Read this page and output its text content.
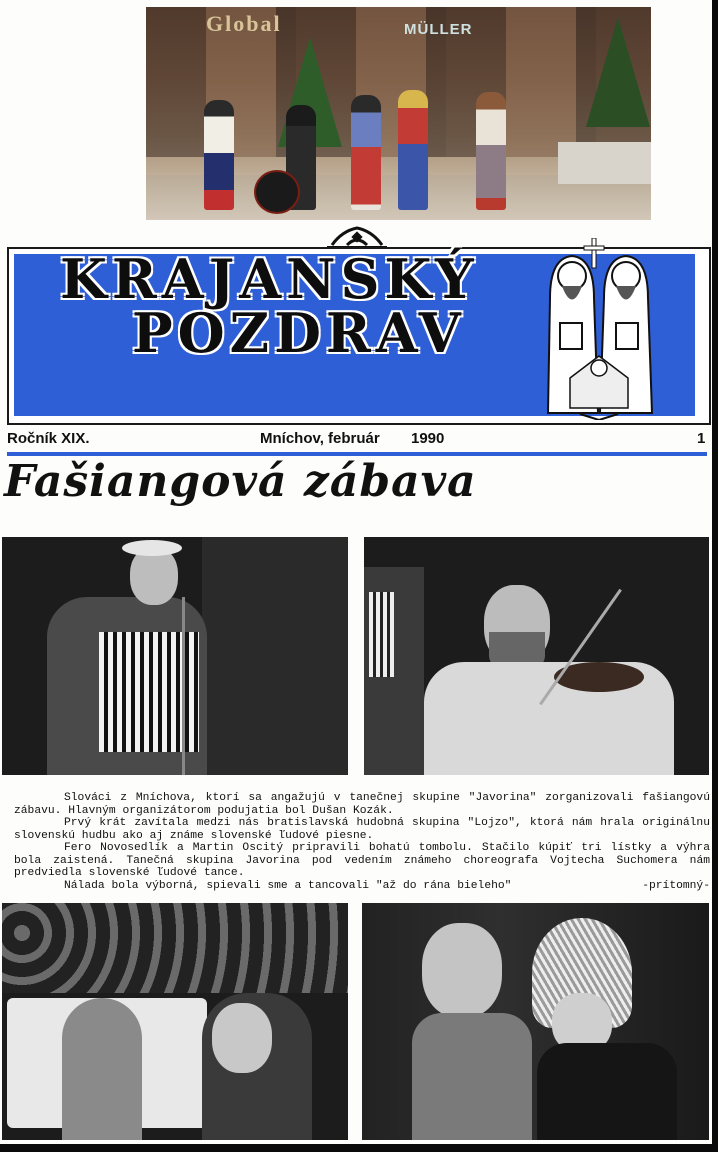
Global	MÜLLER
KRAJANSKÝ
POZDRAV
Ročník XIX.	Mníchov, február 1990	1
Fašiangová zábava

Slováci z Mníchova, ktorí sa angažujú v tanečnej skupine "Javorina" zorganizovali fašiangovú zábavu. Hlavným organizátorom podujatia bol Dušan Kozák.

Prvý krát zavítala medzi nás bratislavská hudobná skupina "Lojzo", ktorá nám hrala originálnu slovenskú hudbu ako aj známe slovenské ľudové piesne.

Fero Novosedlík a Martin Oscitý pripravili bohatú tombolu. Stačilo kúpiť tri lístky a výhra bola zaistená. Tanečná skupina Javorina pod vedením známeho choreografa Vojtecha Suchomera nám predviedla slovenské ľudové tance.

Nálada bola výborná, spievali sme a tancovali "až do rána bieleho"	-prítomný-
